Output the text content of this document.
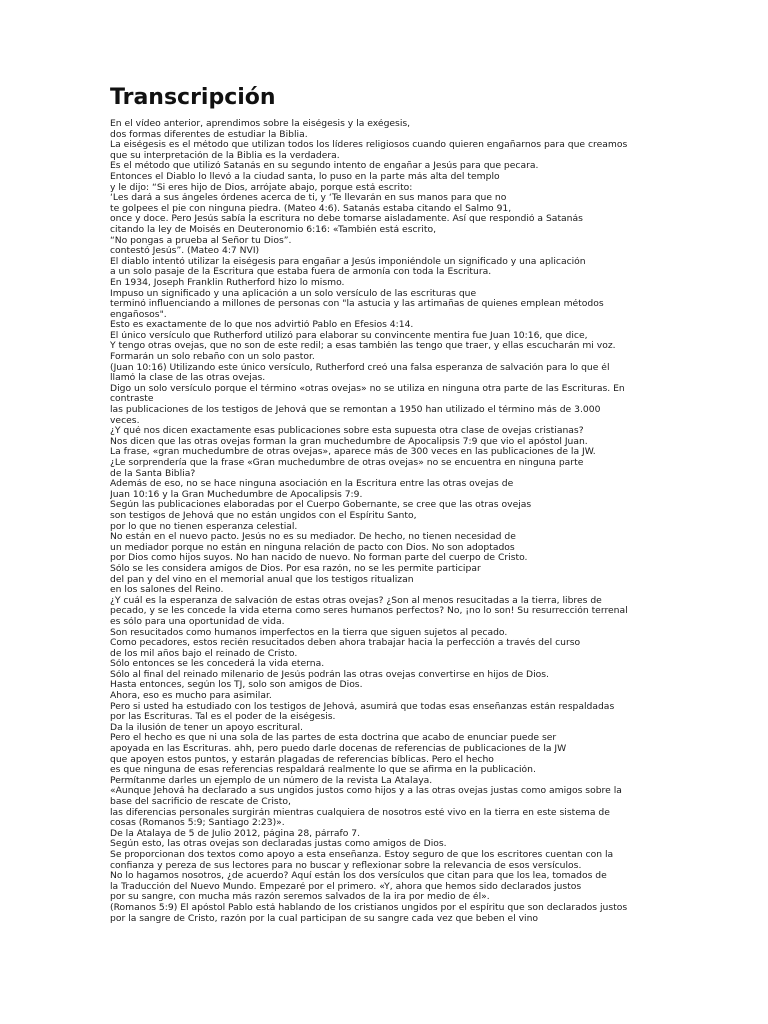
Transcripción
En el vídeo anterior, aprendimos sobre la eiségesis y la exégesis,
dos formas diferentes de estudiar la Biblia.
La eiségesis es el método que utilizan todos los líderes religiosos cuando quieren engañarnos para que creamos
que su interpretación de la Biblia es la verdadera.
Es el método que utilizó Satanás en su segundo intento de engañar a Jesús para que pecara.
Entonces el Diablo lo llevó a la ciudad santa, lo puso en la parte más alta del templo
y le dijo: “Si eres hijo de Dios, arrójate abajo, porque está escrito:
‘Les dará a sus ángeles órdenes acerca de ti, y ‘Te llevarán en sus manos para que no
te golpees el pie con ninguna piedra. (Mateo 4:6). Satanás estaba citando el Salmo 91,
once y doce. Pero Jesús sabía la escritura no debe tomarse aisladamente. Así que respondió a Satanás
citando la ley de Moisés en Deuteronomio 6:16: «También está escrito,
“No pongas a prueba al Señor tu Dios”.
contestó Jesús”. (Mateo 4:7 NVI)
El diablo intentó utilizar la eiségesis para engañar a Jesús imponiéndole un significado y una aplicación
a un solo pasaje de la Escritura que estaba fuera de armonía con toda la Escritura.
En 1934, Joseph Franklin Rutherford hizo lo mismo.
Impuso un significado y una aplicación a un solo versículo de las escrituras que
terminó influenciando a millones de personas con "la astucia y las artimañas de quienes emplean métodos
engañosos".
Esto es exactamente de lo que nos advirtió Pablo en Efesios 4:14.
El único versículo que Rutherford utilizó para elaborar su convincente mentira fue Juan 10:16, que dice,
Y tengo otras ovejas, que no son de este redil; a esas también las tengo que traer, y ellas escucharán mi voz.
Formarán un solo rebaño con un solo pastor.
(Juan 10:16) Utilizando este único versículo, Rutherford creó una falsa esperanza de salvación para lo que él
llamó la clase de las otras ovejas.
Digo un solo versículo porque el término «otras ovejas» no se utiliza en ninguna otra parte de las Escrituras. En
contraste
las publicaciones de los testigos de Jehová que se remontan a 1950 han utilizado el término más de 3.000
veces.
¿Y qué nos dicen exactamente esas publicaciones sobre esta supuesta otra clase de ovejas cristianas?
Nos dicen que las otras ovejas forman la gran muchedumbre de Apocalipsis 7:9 que vio el apóstol Juan.
La frase, «gran muchedumbre de otras ovejas», aparece más de 300 veces en las publicaciones de la JW.
¿Le sorprendería que la frase «Gran muchedumbre de otras ovejas» no se encuentra en ninguna parte
de la Santa Biblia?
Además de eso, no se hace ninguna asociación en la Escritura entre las otras ovejas de
Juan 10:16 y la Gran Muchedumbre de Apocalipsis 7:9.
Según las publicaciones elaboradas por el Cuerpo Gobernante, se cree que las otras ovejas
son testigos de Jehová que no están ungidos con el Espíritu Santo,
por lo que no tienen esperanza celestial.
No están en el nuevo pacto. Jesús no es su mediador. De hecho, no tienen necesidad de
un mediador porque no están en ninguna relación de pacto con Dios. No son adoptados
por Dios como hijos suyos. No han nacido de nuevo. No forman parte del cuerpo de Cristo.
Sólo se les considera amigos de Dios. Por esa razón, no se les permite participar
del pan y del vino en el memorial anual que los testigos ritualizan
en los salones del Reino.
¿Y cuál es la esperanza de salvación de estas otras ovejas? ¿Son al menos resucitadas a la tierra, libres de
pecado, y se les concede la vida eterna como seres humanos perfectos? No, ¡no lo son! Su resurrección terrenal
es sólo para una oportunidad de vida.
Son resucitados como humanos imperfectos en la tierra que siguen sujetos al pecado.
Como pecadores, estos recién resucitados deben ahora trabajar hacia la perfección a través del curso
de los mil años bajo el reinado de Cristo.
Sólo entonces se les concederá la vida eterna.
Sólo al final del reinado milenario de Jesús podrán las otras ovejas convertirse en hijos de Dios.
Hasta entonces, según los TJ, solo son amigos de Dios.
Ahora, eso es mucho para asimilar.
Pero si usted ha estudiado con los testigos de Jehová, asumirá que todas esas enseñanzas están respaldadas
por las Escrituras. Tal es el poder de la eiségesis.
Da la ilusión de tener un apoyo escritural.
Pero el hecho es que ni una sola de las partes de esta doctrina que acabo de enunciar puede ser
apoyada en las Escrituras. ahh, pero puedo darle docenas de referencias de publicaciones de la JW
que apoyen estos puntos, y estarán plagadas de referencias bíblicas. Pero el hecho
es que ninguna de esas referencias respaldará realmente lo que se afirma en la publicación.
Permítanme darles un ejemplo de un número de la revista La Atalaya.
«Aunque Jehová ha declarado a sus ungidos justos como hijos y a las otras ovejas justas como amigos sobre la
base del sacrificio de rescate de Cristo,
las diferencias personales surgirán mientras cualquiera de nosotros esté vivo en la tierra en este sistema de
cosas (Romanos 5:9; Santiago 2:23)».
De la Atalaya de 5 de Julio 2012, página 28, párrafo 7.
Según esto, las otras ovejas son declaradas justas como amigos de Dios.
Se proporcionan dos textos como apoyo a esta enseñanza. Estoy seguro de que los escritores cuentan con la
confianza y pereza de sus lectores para no buscar y reflexionar sobre la relevancia de esos versículos.
No lo hagamos nosotros, ¿de acuerdo? Aquí están los dos versículos que citan para que los lea, tomados de
la Traducción del Nuevo Mundo. Empezaré por el primero. «Y, ahora que hemos sido declarados justos
por su sangre, con mucha más razón seremos salvados de la ira por medio de él».
(Romanos 5:9) El apóstol Pablo está hablando de los cristianos ungidos por el espíritu que son declarados justos
por la sangre de Cristo, razón por la cual participan de su sangre cada vez que beben el vino
